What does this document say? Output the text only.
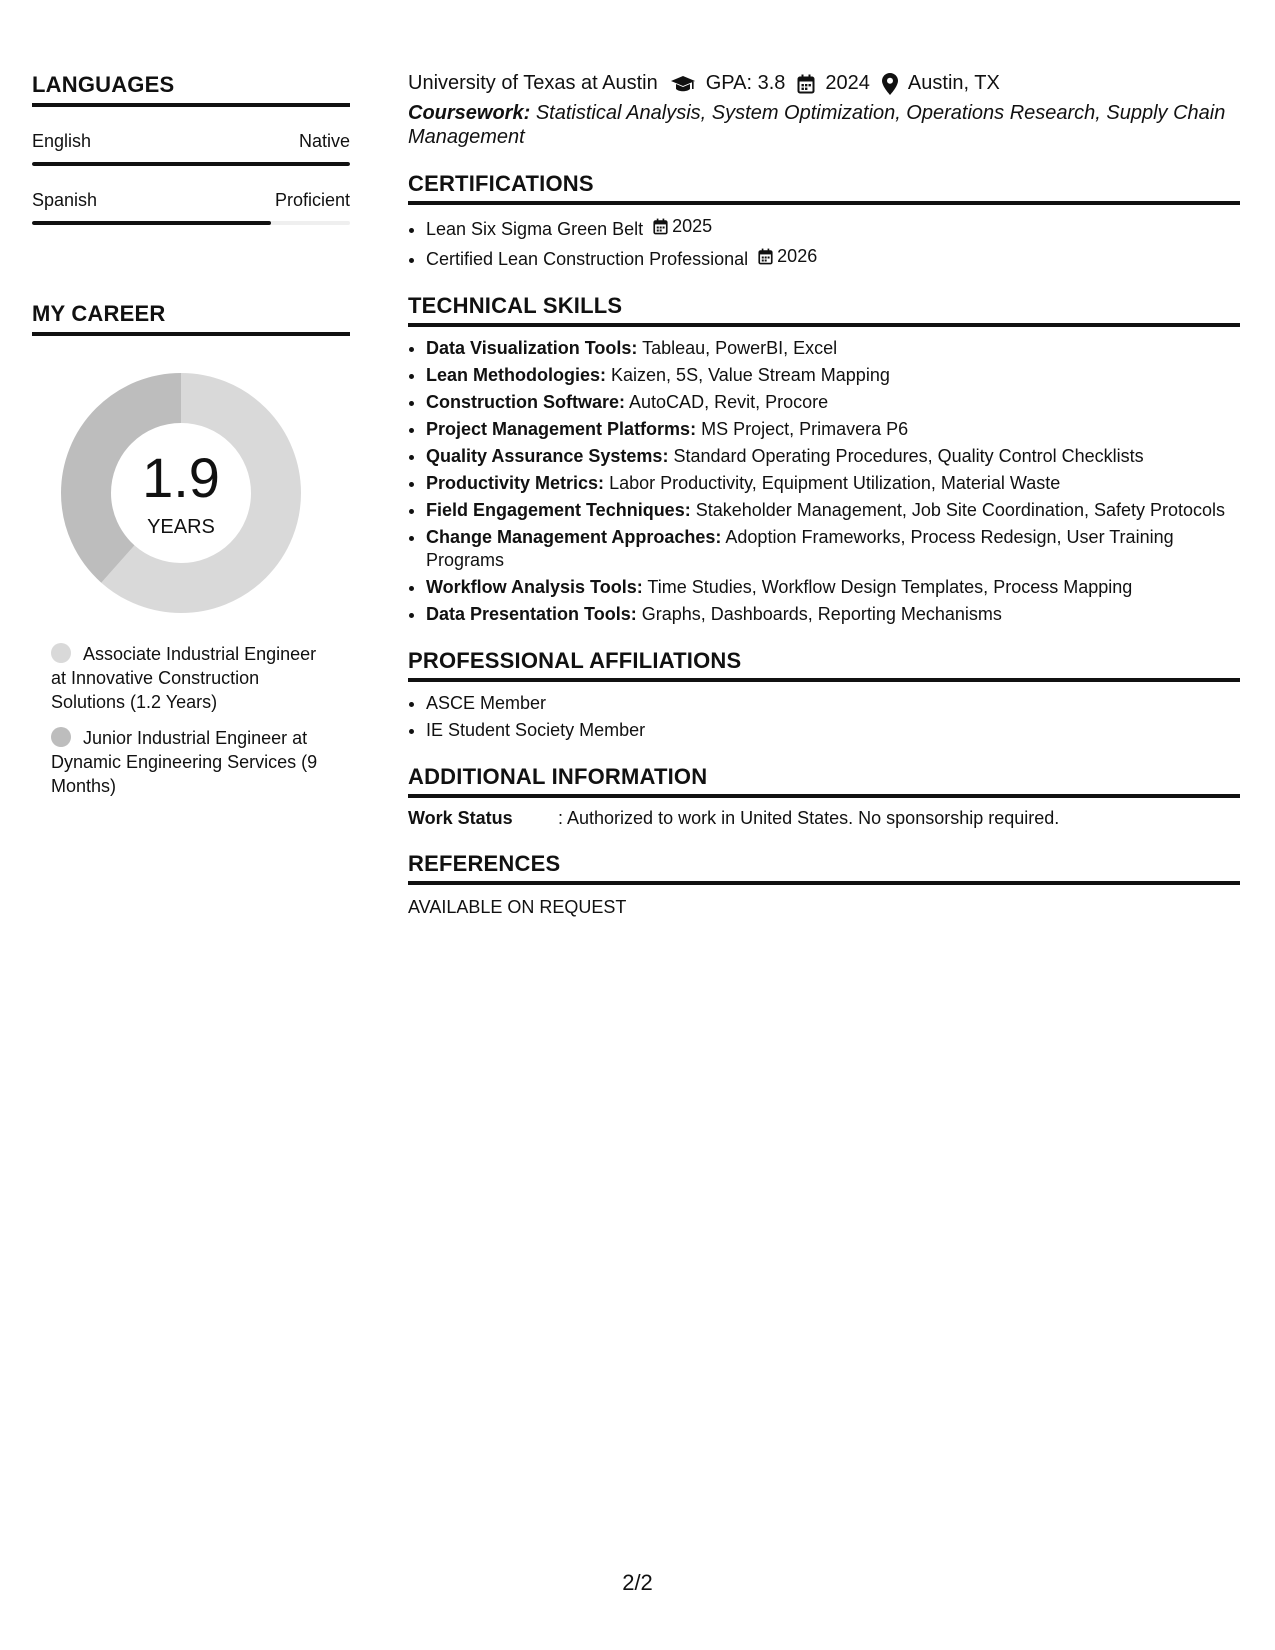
LANGUAGES
English	Native
Spanish	Proficient
MY CAREER
1.9
YEARS
Associate Industrial Engineer at Innovative Construction Solutions (1.2 Years)
Junior Industrial Engineer at Dynamic Engineering Services (9 Months)
University of Texas at Austin GPA: 3.8 2024 Austin, TX
Coursework: Statistical Analysis, System Optimization, Operations Research, Supply Chain Management
CERTIFICATIONS
• Lean Six Sigma Green Belt 2025
• Certified Lean Construction Professional 2026
TECHNICAL SKILLS
• Data Visualization Tools: Tableau, PowerBI, Excel
• Lean Methodologies: Kaizen, 5S, Value Stream Mapping
• Construction Software: AutoCAD, Revit, Procore
• Project Management Platforms: MS Project, Primavera P6
• Quality Assurance Systems: Standard Operating Procedures, Quality Control Checklists
• Productivity Metrics: Labor Productivity, Equipment Utilization, Material Waste
• Field Engagement Techniques: Stakeholder Management, Job Site Coordination, Safety Protocols
• Change Management Approaches: Adoption Frameworks, Process Redesign, User Training Programs
• Workflow Analysis Tools: Time Studies, Workflow Design Templates, Process Mapping
• Data Presentation Tools: Graphs, Dashboards, Reporting Mechanisms
PROFESSIONAL AFFILIATIONS
• ASCE Member
• IE Student Society Member
ADDITIONAL INFORMATION
Work Status	: Authorized to work in United States. No sponsorship required.
REFERENCES
AVAILABLE ON REQUEST
2/2
